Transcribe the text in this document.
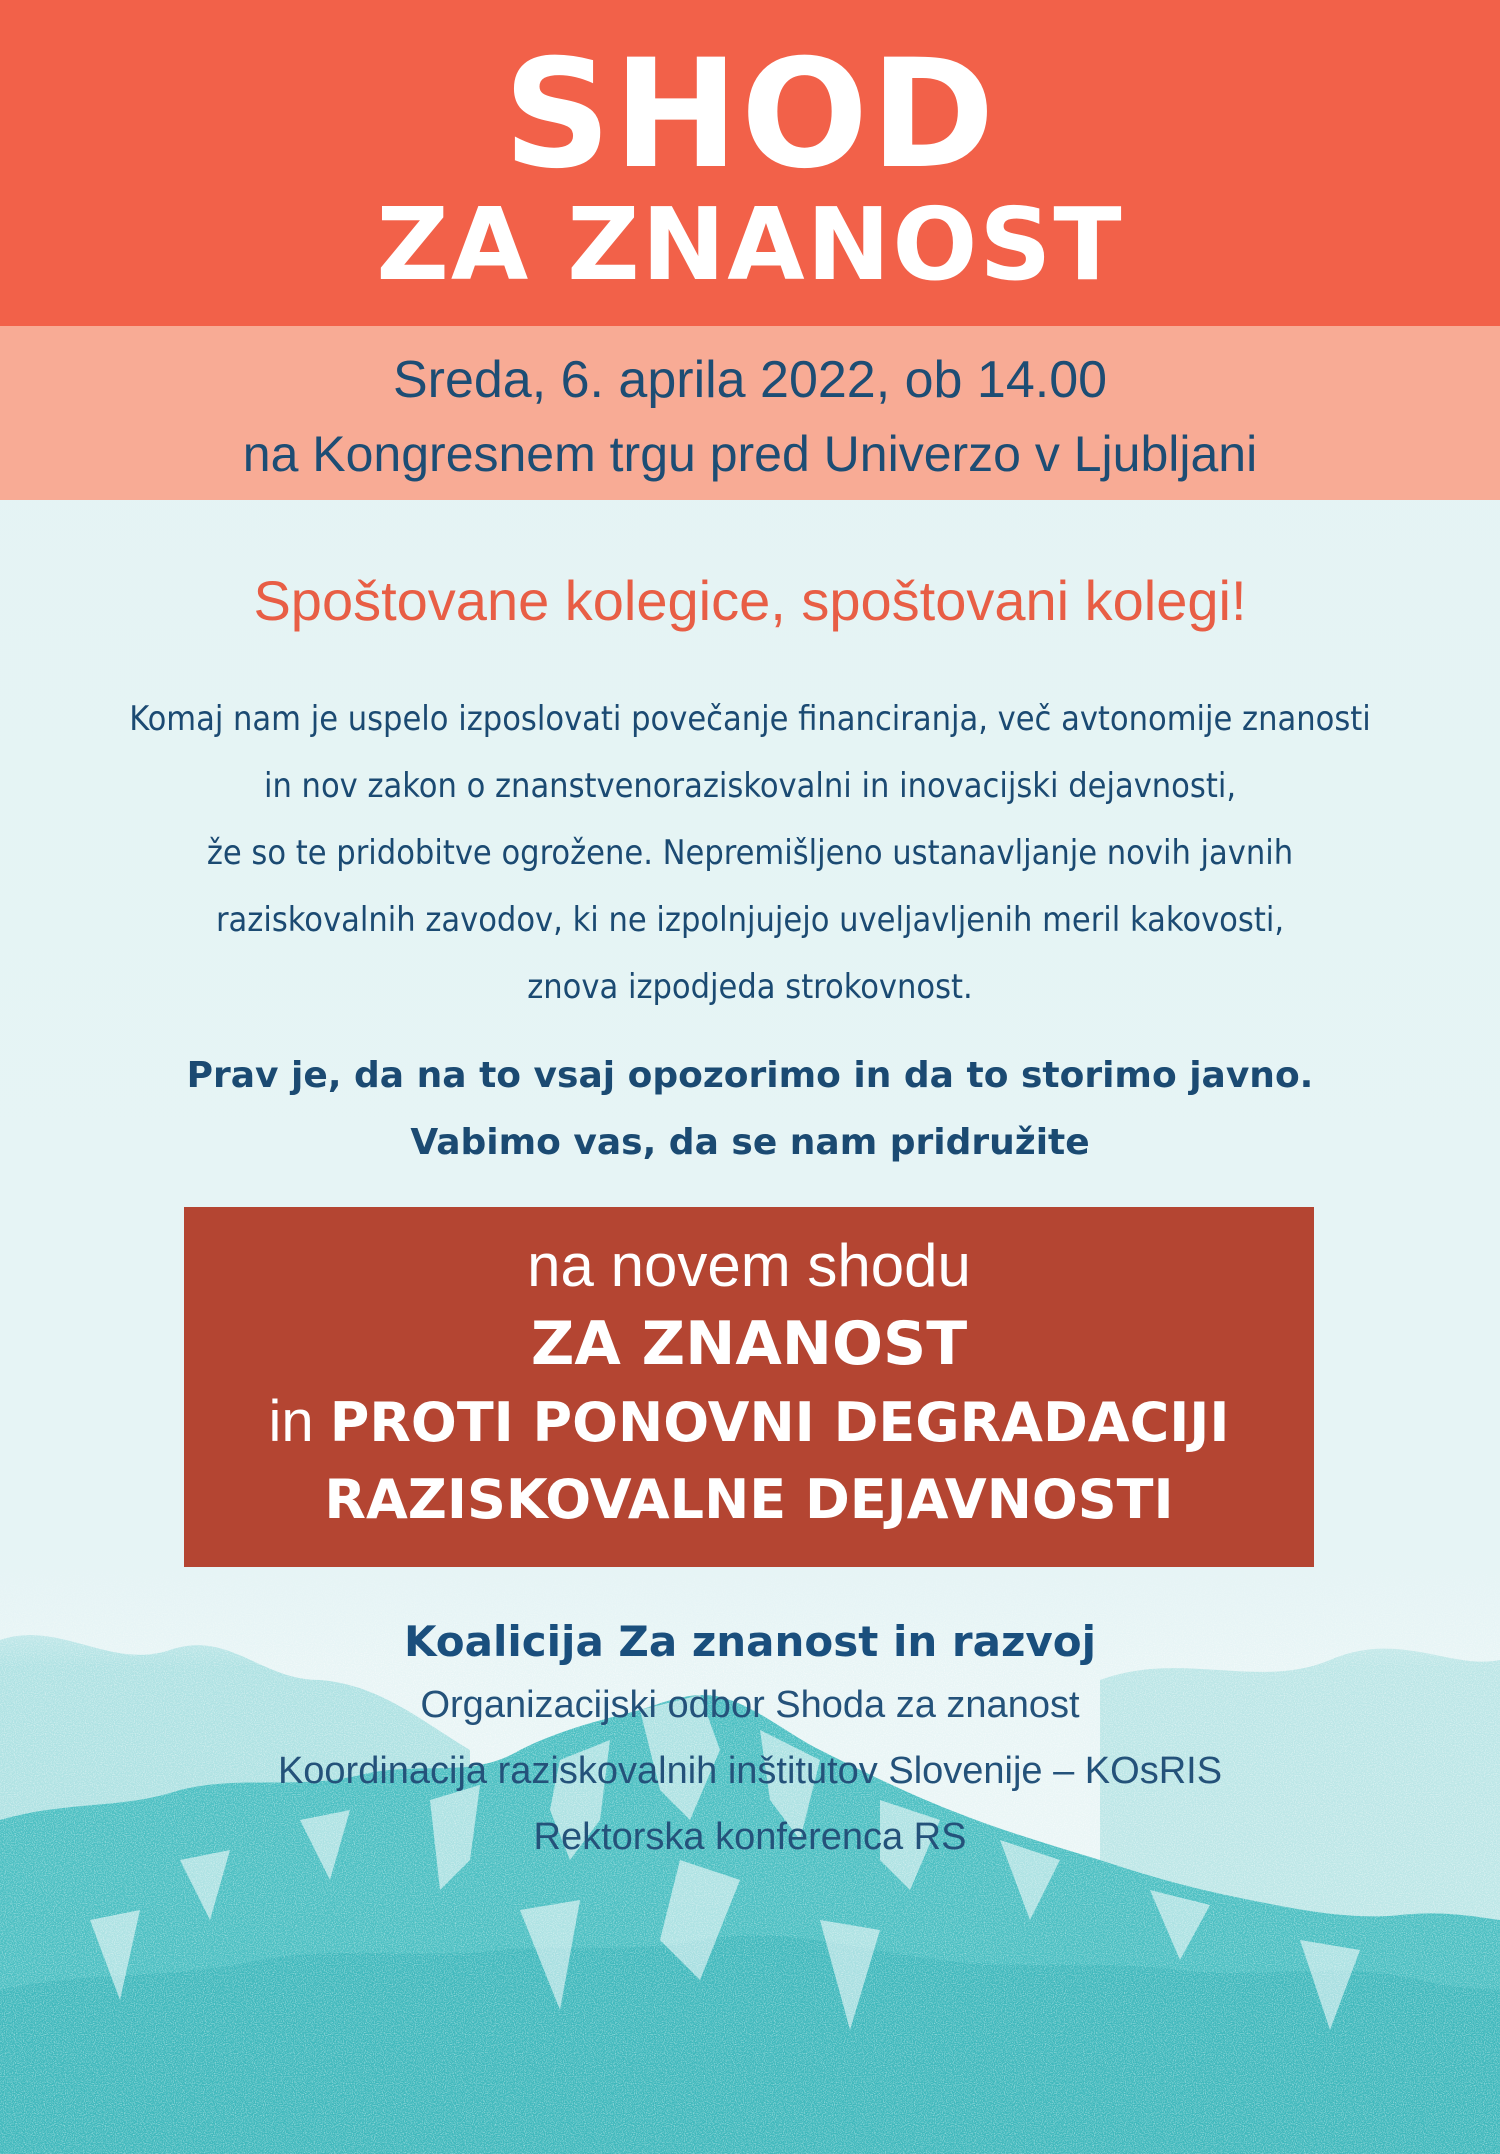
SHOD
ZA ZNANOST
Sreda, 6. aprila 2022, ob 14.00
na Kongresnem trgu pred Univerzo v Ljubljani
Spoštovane kolegice, spoštovani kolegi!
Komaj nam je uspelo izposlovati povečanje financiranja, več avtonomije znanosti
in nov zakon o znanstvenoraziskovalni in inovacijski dejavnosti,
že so te pridobitve ogrožene. Nepremišljeno ustanavljanje novih javnih
raziskovalnih zavodov, ki ne izpolnjujejo uveljavljenih meril kakovosti,
znova izpodjeda strokovnost.
Prav je, da na to vsaj opozorimo in da to storimo javno.
Vabimo vas, da se nam pridružite
na novem shodu
ZA ZNANOST
in PROTI PONOVNI DEGRADACIJI
RAZISKOVALNE DEJAVNOSTI
Koalicija Za znanost in razvoj
Organizacijski odbor Shoda za znanost
Koordinacija raziskovalnih inštitutov Slovenije – KOsRIS
Rektorska konferenca RS
